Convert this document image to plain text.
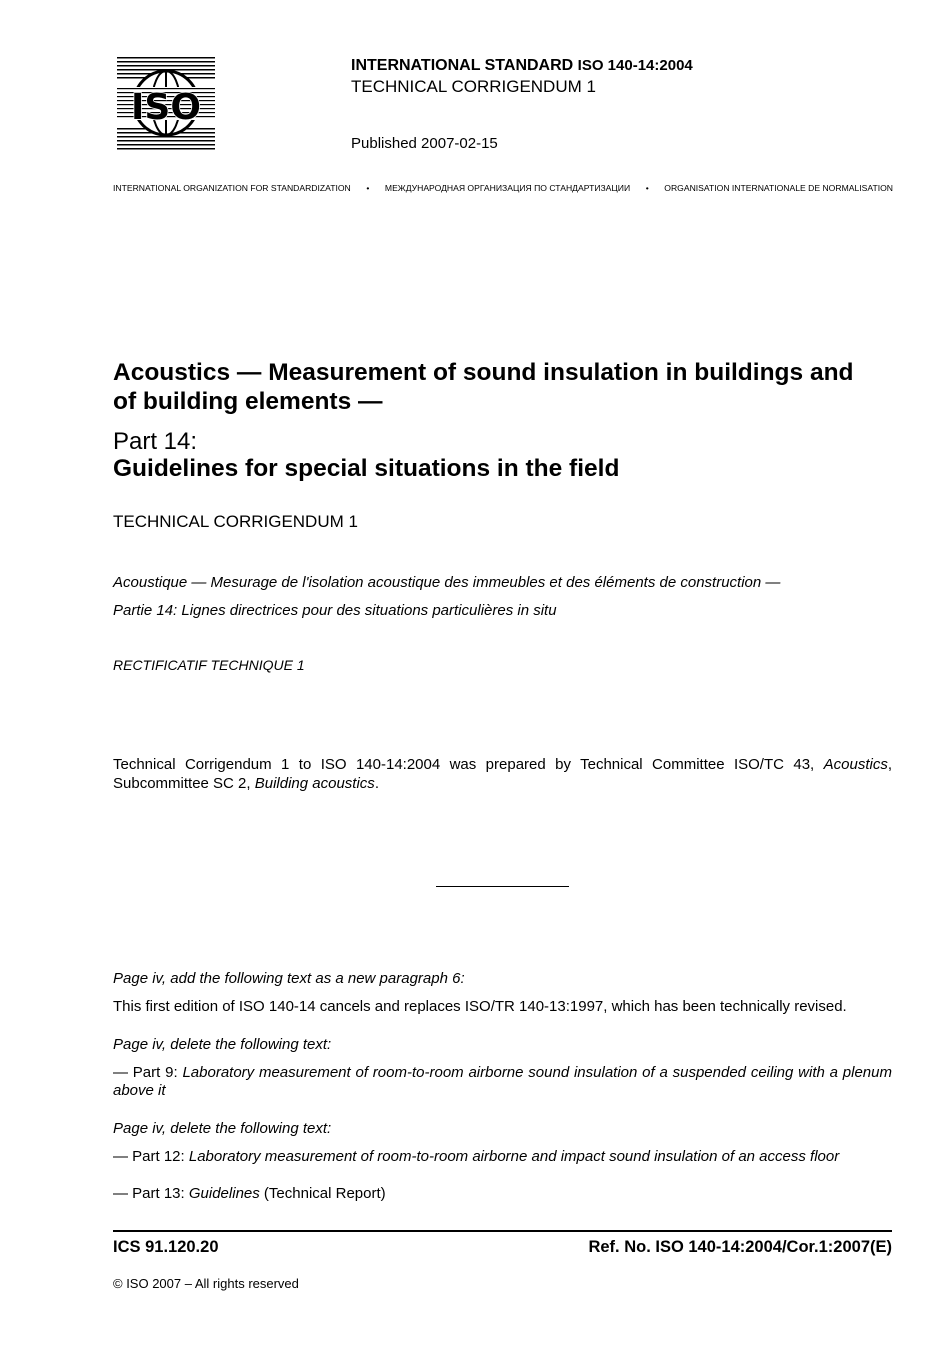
ISO
INTERNATIONAL STANDARD ISO 140-14:2004
TECHNICAL CORRIGENDUM 1
Published 2007-02-15
INTERNATIONAL ORGANIZATION FOR STANDARDIZATION • МЕЖДУНАРОДНАЯ ОРГАНИЗАЦИЯ ПО СТАНДАРТИЗАЦИИ • ORGANISATION INTERNATIONALE DE NORMALISATION
Acoustics — Measurement of sound insulation in buildings and
of building elements —
Part 14:
Guidelines for special situations in the field
TECHNICAL CORRIGENDUM 1
Acoustique — Mesurage de l'isolation acoustique des immeubles et des éléments de construction —
Partie 14: Lignes directrices pour des situations particulières in situ
RECTIFICATIF TECHNIQUE 1
Technical Corrigendum 1 to ISO 140-14:2004 was prepared by Technical Committee ISO/TC 43, Acoustics, Subcommittee SC 2, Building acoustics.
Page iv, add the following text as a new paragraph 6:
This first edition of ISO 140-14 cancels and replaces ISO/TR 140-13:1997, which has been technically revised.
Page iv, delete the following text:
— Part 9: Laboratory measurement of room-to-room airborne sound insulation of a suspended ceiling with a plenum above it
Page iv, delete the following text:
— Part 12: Laboratory measurement of room-to-room airborne and impact sound insulation of an access floor
— Part 13: Guidelines (Technical Report)
ICS 91.120.20	Ref. No. ISO 140-14:2004/Cor.1:2007(E)
© ISO 2007 – All rights reserved
